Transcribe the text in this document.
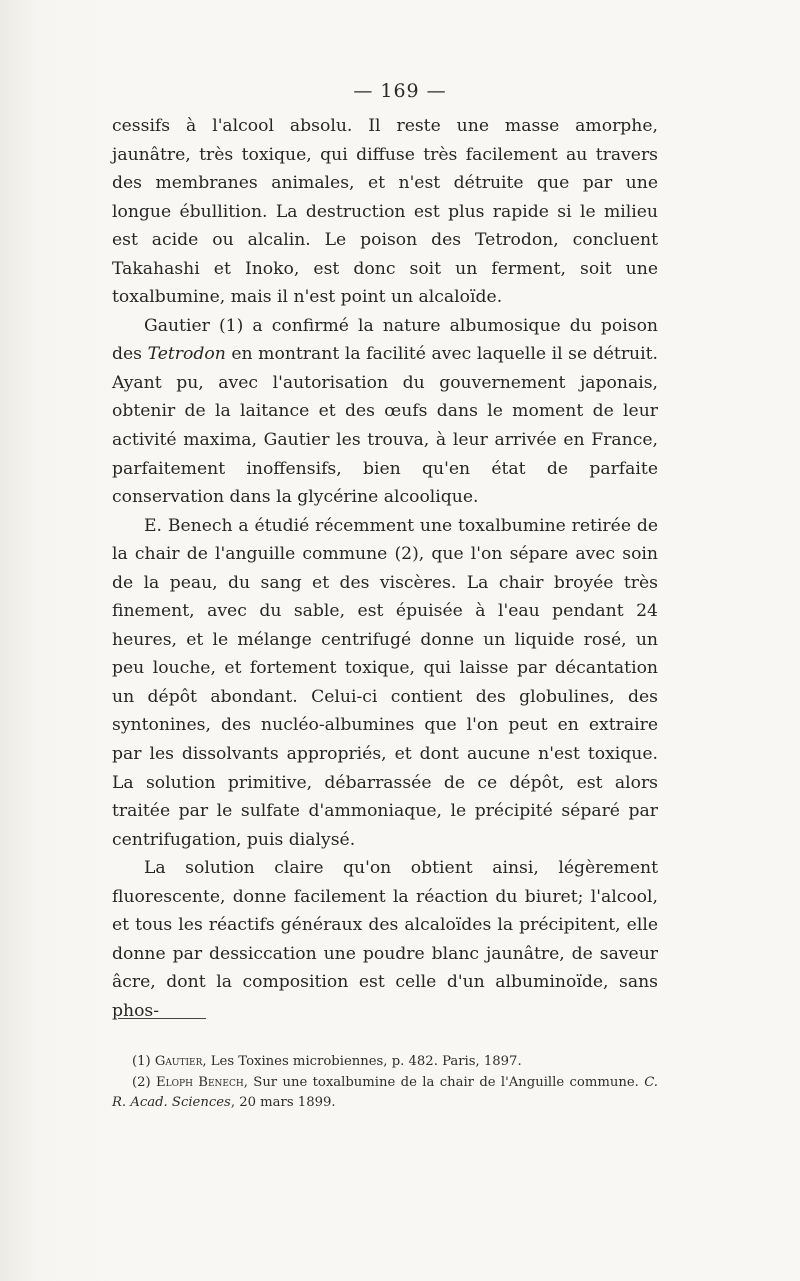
— 169 —

cessifs à l'alcool absolu. Il reste une masse amorphe, jaunâtre, très toxique, qui diffuse très facilement au travers des membranes animales, et n'est détruite que par une longue ébullition. La destruction est plus rapide si le milieu est acide ou alcalin. Le poison des Tetrodon, concluent Takahashi et Inoko, est donc soit un ferment, soit une toxalbumine, mais il n'est point un alcaloïde.

Gautier (1) a confirmé la nature albumosique du poison des Tetrodon en montrant la facilité avec laquelle il se détruit. Ayant pu, avec l'autorisation du gouvernement japonais, obtenir de la laitance et des œufs dans le moment de leur activité maxima, Gautier les trouva, à leur arrivée en France, parfaitement inoffensifs, bien qu'en état de parfaite conservation dans la glycérine alcoolique.

E. Benech a étudié récemment une toxalbumine retirée de la chair de l'anguille commune (2), que l'on sépare avec soin de la peau, du sang et des viscères. La chair broyée très finement, avec du sable, est épuisée à l'eau pendant 24 heures, et le mélange centrifugé donne un liquide rosé, un peu louche, et fortement toxique, qui laisse par décantation un dépôt abondant. Celui-ci contient des globulines, des syntonines, des nucléo-albumines que l'on peut en extraire par les dissolvants appropriés, et dont aucune n'est toxique. La solution primitive, débarrassée de ce dépôt, est alors traitée par le sulfate d'ammoniaque, le précipité séparé par centrifugation, puis dialysé.

La solution claire qu'on obtient ainsi, légèrement fluorescente, donne facilement la réaction du biuret; l'alcool, et tous les réactifs généraux des alcaloïdes la précipitent, elle donne par dessiccation une poudre blanc jaunâtre, de saveur âcre, dont la composition est celle d'un albuminoïde, sans phos-

(1) Gautier, Les Toxines microbiennes, p. 482. Paris, 1897.

(2) Eloph Benech, Sur une toxalbumine de la chair de l'Anguille commune. C. R. Acad. Sciences, 20 mars 1899.
